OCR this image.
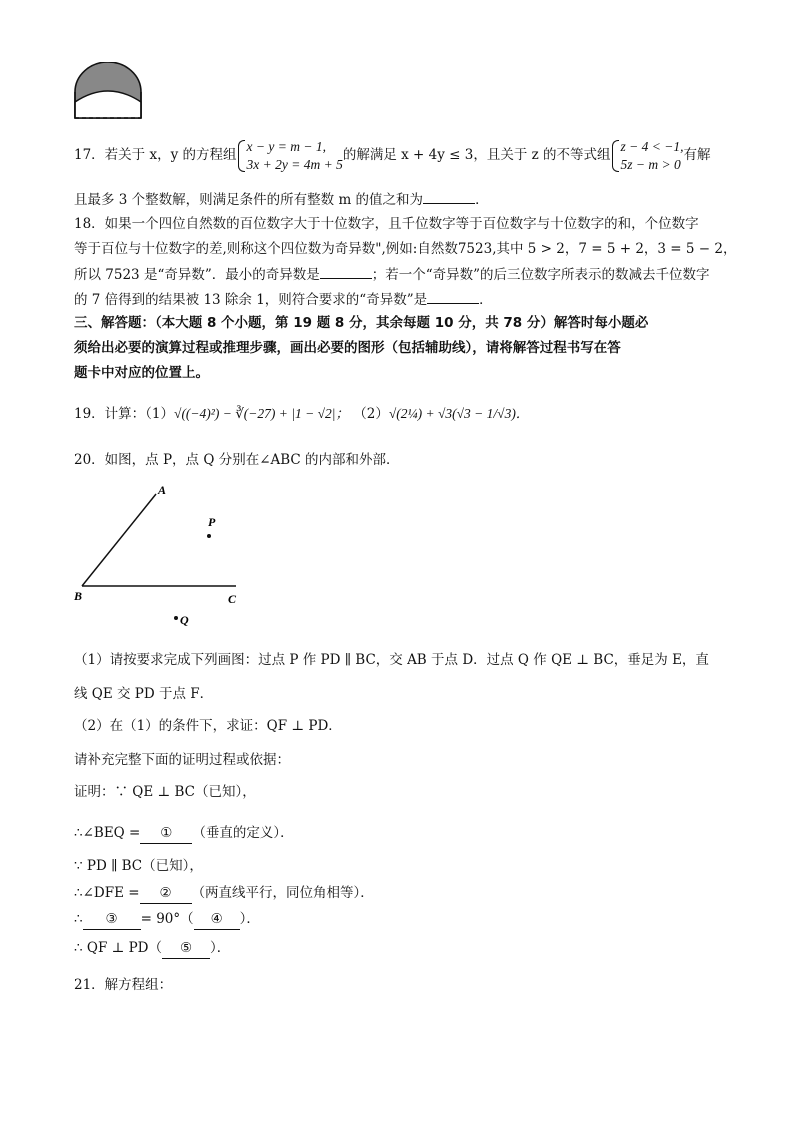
17．若关于 x，y 的方程组
x − y = m − 1,
3x + 2y = 4m + 5
的解满足 x + 4y ≤ 3，且关于 z 的不等式组
z − 4 < −1,
5z − m > 0
有解
且最多 3 个整数解，则满足条件的所有整数 m 的值之和为	．
18．如果一个四位自然数的百位数字大于十位数字，且千位数字等于百位数字与十位数字的和，个位数字
等于百位与十位数字的差,则称这个四位数为奇异数",例如:自然数7523,其中 5 > 2，7 = 5 + 2，3 = 5 − 2，
所以 7523 是“奇异数”．最小的奇异数是	；若一个“奇异数”的后三位数字所表示的数减去千位数字
的 7 倍得到的结果被 13 除余 1，则符合要求的“奇异数”是	．
三、解答题：（本大题 8 个小题，第 19 题 8 分，其余每题 10 分，共 78 分）解答时每小题必
须给出必要的演算过程或推理步骤，画出必要的图形（包括辅助线），请将解答过程书写在答
题卡中对应的位置上。
19．计算：（1）√((−4)²) − ∛(−27) + |1 − √2|； （2）√(2¼) + √3(√3 − 1/√3)．
20．如图，点 P，点 Q 分别在∠ABC 的内部和外部．
A
B	C
P
Q
（1）请按要求完成下列画图：过点 P 作 PD ∥ BC，交 AB 于点 D．过点 Q 作 QE ⊥ BC，垂足为 E，直
线 QE 交 PD 于点 F．
（2）在（1）的条件下，求证：QF ⊥ PD．
请补充完整下面的证明过程或依据：
证明：∵ QE ⊥ BC（已知），
∴∠BEQ = ① （垂直的定义）．
∵ PD ∥ BC（已知），
∴∠DFE = ② （两直线平行，同位角相等）．
∴ ③ = 90°（ ④ ）．
∴ QF ⊥ PD（ ⑤ ）．
21．解方程组：
